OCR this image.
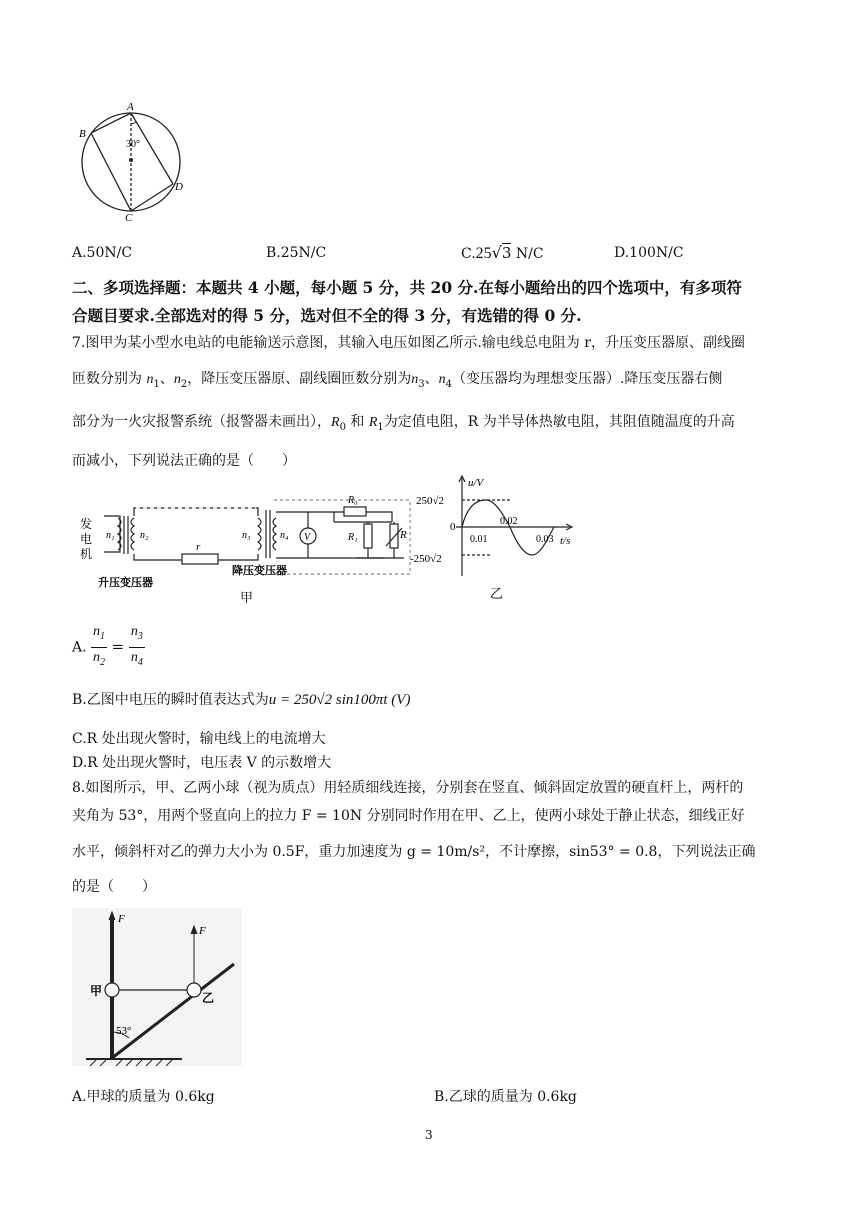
A
B
C
D
30°
A.50N/C	B.25N/C	C.25√3 N/C	D.100N/C
二、多项选择题：本题共 4 小题，每小题 5 分，共 20 分.在每小题给出的四个选项中，有多项符
合题目要求.全部选对的得 5 分，选对但不全的得 3 分，有选错的得 0 分.
7.图甲为某小型水电站的电能输送示意图，其输入电压如图乙所示.输电线总电阻为 r，升压变压器原、副线圈
匝数分别为 $n_1$、$n_2$，降压变压器原、副线圈匝数分别为$n_3$、$n_4$（变压器均为理想变压器）.降压变压器右侧
部分为一火灾报警系统（报警器未画出），$R_0$ 和 $R_1$为定值电阻，R 为半导体热敏电阻，其阻值随温度的升高
而减小，下列说法正确的是（　　）
发
电
机
n₁	n₂
r
n₃	n₄ V
R₀
R₁	R
升压变压器
降压变压器
甲
u/V
t/s
250√2
0
-250√2
0.01
0.02
0.03
乙
A. $\frac{n_1}{n_2} = \frac{n_3}{n_4}$
B.乙图中电压的瞬时值表达式为u = 250√2 sin100πt (V)
C.R 处出现火警时，输电线上的电流增大
D.R 处出现火警时，电压表 V 的示数增大
8.如图所示，甲、乙两小球（视为质点）用轻质细线连接，分别套在竖直、倾斜固定放置的硬直杆上，两杆的
夹角为 53°，用两个竖直向上的拉力 F = 10N 分别同时作用在甲、乙上，使两小球处于静止状态，细线正好
水平，倾斜杆对乙的弹力大小为 0.5F，重力加速度为 g = 10m/s²，不计摩擦，sin53° = 0.8，下列说法正确
的是（　　）
F
F
甲	乙
53°
A.甲球的质量为 0.6kg	B.乙球的质量为 0.6kg
3
